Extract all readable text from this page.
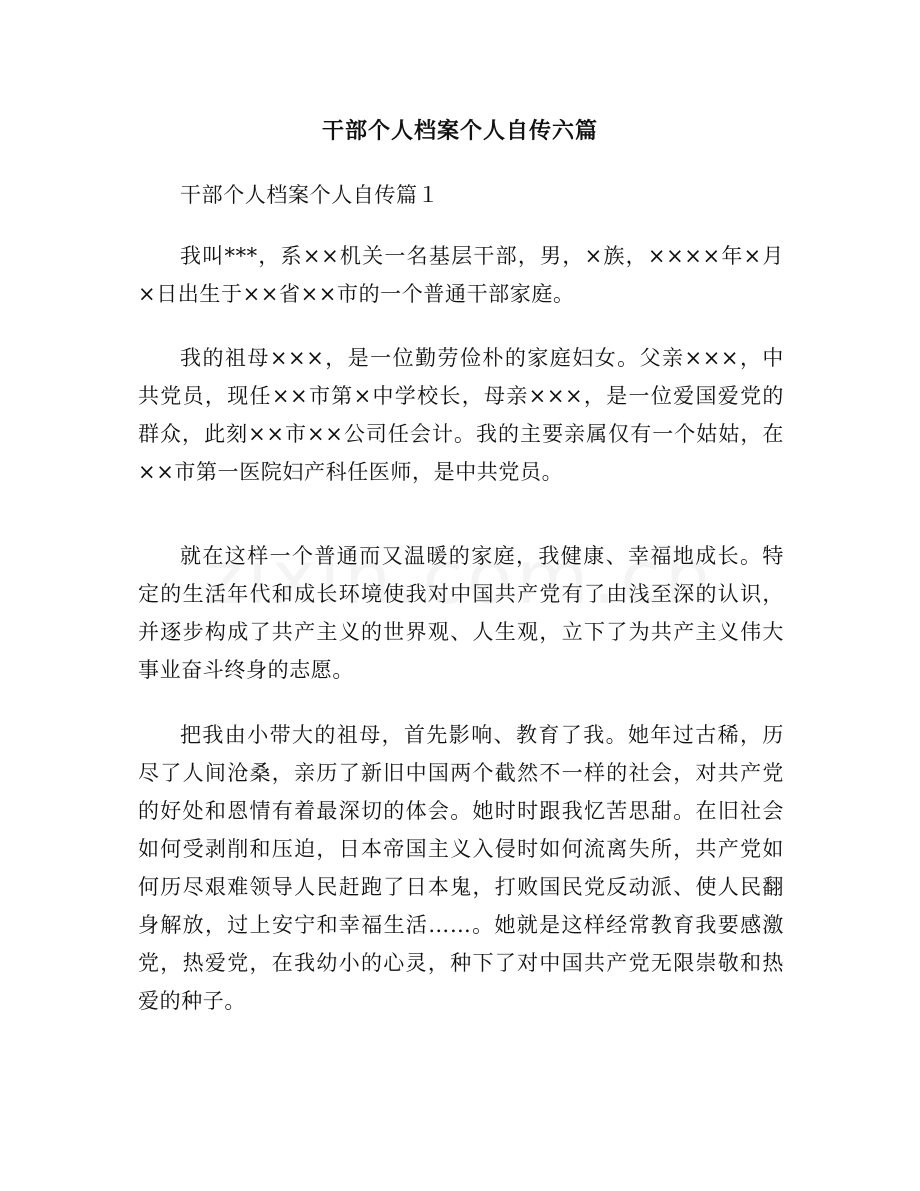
干部个人档案个人自传六篇

干部个人档案个人自传篇１

我叫***，系××机关一名基层干部，男，×族，××××年×月×日出生于××省××市的一个普通干部家庭。

我的祖母×××，是一位勤劳俭朴的家庭妇女。父亲×××，中共党员，现任××市第×中学校长，母亲×××，是一位爱国爱党的群众，此刻××市××公司任会计。我的主要亲属仅有一个姑姑，在××市第一医院妇产科任医师，是中共党员。

就在这样一个普通而又温暖的家庭，我健康、幸福地成长。特定的生活年代和成长环境使我对中国共产党有了由浅至深的认识，并逐步构成了共产主义的世界观、人生观，立下了为共产主义伟大事业奋斗终身的志愿。

把我由小带大的祖母，首先影响、教育了我。她年过古稀，历尽了人间沧桑，亲历了新旧中国两个截然不一样的社会，对共产党的好处和恩情有着最深切的体会。她时时跟我忆苦思甜。在旧社会如何受剥削和压迫，日本帝国主义入侵时如何流离失所，共产党如何历尽艰难领导人民赶跑了日本鬼，打败国民党反动派、使人民翻身解放，过上安宁和幸福生活……。她就是这样经常教育我要感激党，热爱党，在我幼小的心灵，种下了对中国共产党无限崇敬和热爱的种子。
